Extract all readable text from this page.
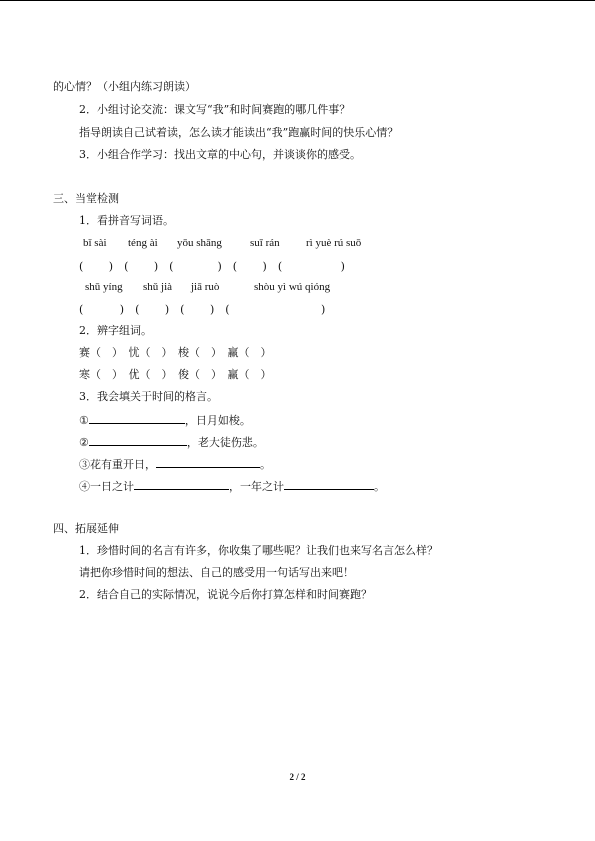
的心情？（小组内练习朗读）
2．小组讨论交流：课文写“我”和时间赛跑的哪几件事？
指导朗读自己试着读，怎么读才能读出“我”跑赢时间的快乐心情？
3．小组合作学习：找出文章的中心句，并谈谈你的感受。
三、当堂检测
1．看拼音写词语。
bǐ sài téng ài yōu shāng	suī rán rì yuè rú suō
(　　 )　(　　 )　(　　　　)　(　　 )　(　　　　　 )
shū yíng shǔ jià jiā ruò	shòu yì wú qióng
(　　　 )　(　　 )　(　　 )　(　　　　　　　　 )
2．辨字组词。
赛（　）　忧（　）　梭（　）　赢（　）
寒（　）　优（　）　俊（　）　赢（　）
3．我会填关于时间的格言。
①	，日月如梭。
②	，老大徒伤悲。
③花有重开日，	。
④一日之计	，一年之计	。
四、拓展延伸
1．珍惜时间的名言有许多，你收集了哪些呢？让我们也来写名言怎么样？
请把你珍惜时间的想法、自己的感受用一句话写出来吧！
2．结合自己的实际情况，说说今后你打算怎样和时间赛跑？
2 / 2
